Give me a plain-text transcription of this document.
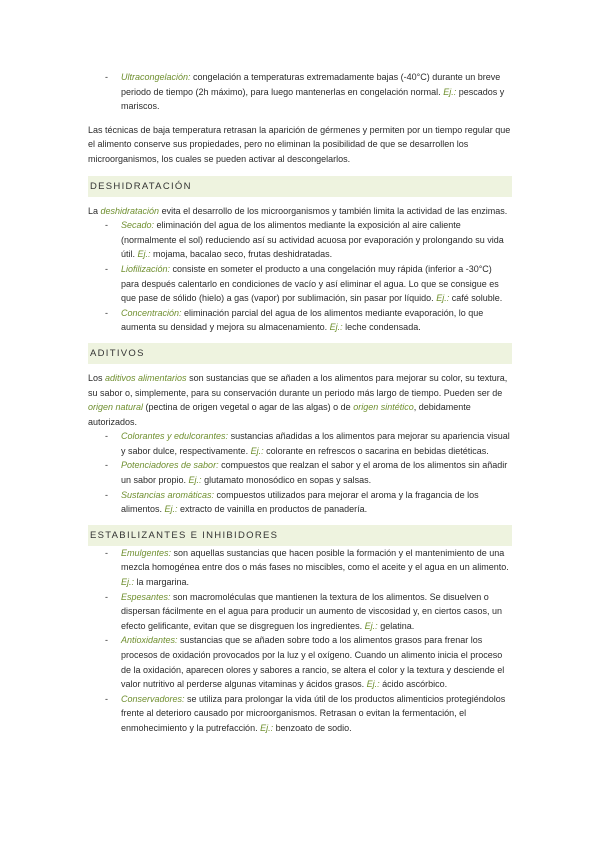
- Ultracongelación: congelación a temperaturas extremadamente bajas (-40°C) durante un breve periodo de tiempo (2h máximo), para luego mantenerlas en congelación normal. Ej.: pescados y mariscos.

Las técnicas de baja temperatura retrasan la aparición de gérmenes y permiten por un tiempo regular que el alimento conserve sus propiedades, pero no eliminan la posibilidad de que se desarrollen los microorganismos, los cuales se pueden activar al descongelarlos.

DESHIDRATACIÓN

La deshidratación evita el desarrollo de los microorganismos y también limita la actividad de las enzimas.

- Secado: eliminación del agua de los alimentos mediante la exposición al aire caliente (normalmente el sol) reduciendo así su actividad acuosa por evaporación y prolongando su vida útil. Ej.: mojama, bacalao seco, frutas deshidratadas.
- Liofilización: consiste en someter el producto a una congelación muy rápida (inferior a -30°C) para después calentarlo en condiciones de vacío y así eliminar el agua. Lo que se consigue es que pase de sólido (hielo) a gas (vapor) por sublimación, sin pasar por líquido. Ej.: café soluble.
- Concentración: eliminación parcial del agua de los alimentos mediante evaporación, lo que aumenta su densidad y mejora su almacenamiento. Ej.: leche condensada.
ADITIVOS

Los aditivos alimentarios son sustancias que se añaden a los alimentos para mejorar su color, su textura, su sabor o, simplemente, para su conservación durante un periodo más largo de tiempo. Pueden ser de origen natural (pectina de origen vegetal o agar de las algas) o de origen sintético, debidamente autorizados.

- Colorantes y edulcorantes: sustancias añadidas a los alimentos para mejorar su apariencia visual y sabor dulce, respectivamente. Ej.: colorante en refrescos o sacarina en bebidas dietéticas.
- Potenciadores de sabor: compuestos que realzan el sabor y el aroma de los alimentos sin añadir un sabor propio. Ej.: glutamato monosódico en sopas y salsas.
- Sustancias aromáticas: compuestos utilizados para mejorar el aroma y la fragancia de los alimentos. Ej.: extracto de vainilla en productos de panadería.
ESTABILIZANTES E INHIBIDORES
- Emulgentes: son aquellas sustancias que hacen posible la formación y el mantenimiento de una mezcla homogénea entre dos o más fases no miscibles, como el aceite y el agua en un alimento. Ej.: la margarina.
- Espesantes: son macromoléculas que mantienen la textura de los alimentos. Se disuelven o dispersan fácilmente en el agua para producir un aumento de viscosidad y, en ciertos casos, un efecto gelificante, evitan que se disgreguen los ingredientes. Ej.: gelatina.
- Antioxidantes: sustancias que se añaden sobre todo a los alimentos grasos para frenar los procesos de oxidación provocados por la luz y el oxígeno. Cuando un alimento inicia el proceso de la oxidación, aparecen olores y sabores a rancio, se altera el color y la textura y desciende el valor nutritivo al perderse algunas vitaminas y ácidos grasos. Ej.: ácido ascórbico.
- Conservadores: se utiliza para prolongar la vida útil de los productos alimenticios protegiéndolos frente al deterioro causado por microorganismos. Retrasan o evitan la fermentación, el enmohecimiento y la putrefacción. Ej.: benzoato de sodio.
